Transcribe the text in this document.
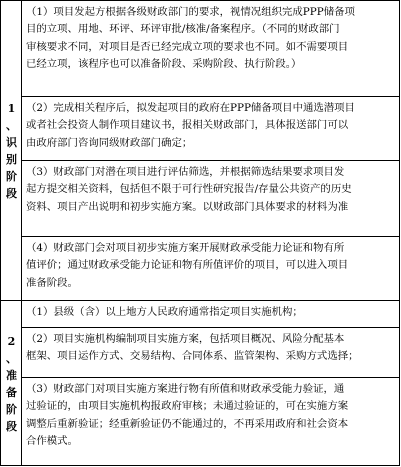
1
、
识
别
阶
段
2
、
准
备
阶
段
（1）项目发起方根据各级财政部门的要求，视情况组织完成PPP储备项
目的立项、用地、环评、环评审批/核准/备案程序。（不同的财政部门
审核要求不同，对项目是否已经完成立项的要求也不同。如不需要项目
已经立项，该程序也可以准备阶段、采购阶段、执行阶段。）
（2）完成相关程序后，拟发起项目的政府在PPP储备项目中通选潜项目
或者社会投资人制作项目建议书，报相关财政部门，具体报送部门可以
由政府部门咨询同级财政部门确定；
（3）财政部门对潜在项目进行评估筛选，并根据筛选结果要求项目发
起方提交相关资料，包括但不限于可行性研究报告/存量公共资产的历史
资料、项目产出说明和初步实施方案。以财政部门具体要求的材料为准
（4）财政部门会对项目初步实施方案开展财政承受能力论证和物有所
值评价；通过财政承受能力论证和物有所值评价的项目，可以进入项目
准备阶段。
（1）县级（含）以上地方人民政府通常指定项目实施机构；
（2）项目实施机构编制项目实施方案，包括项目概况、风险分配基本
框架、项目运作方式、交易结构、合同体系、监管架构、采购方式选择；
（3）财政部门对项目实施方案进行物有所值和财政承受能力验证，通
过验证的，由项目实施机构报政府审核；未通过验证的，可在实施方案
调整后重新验证；经重新验证仍不能通过的，不再采用政府和社会资本
合作模式。
